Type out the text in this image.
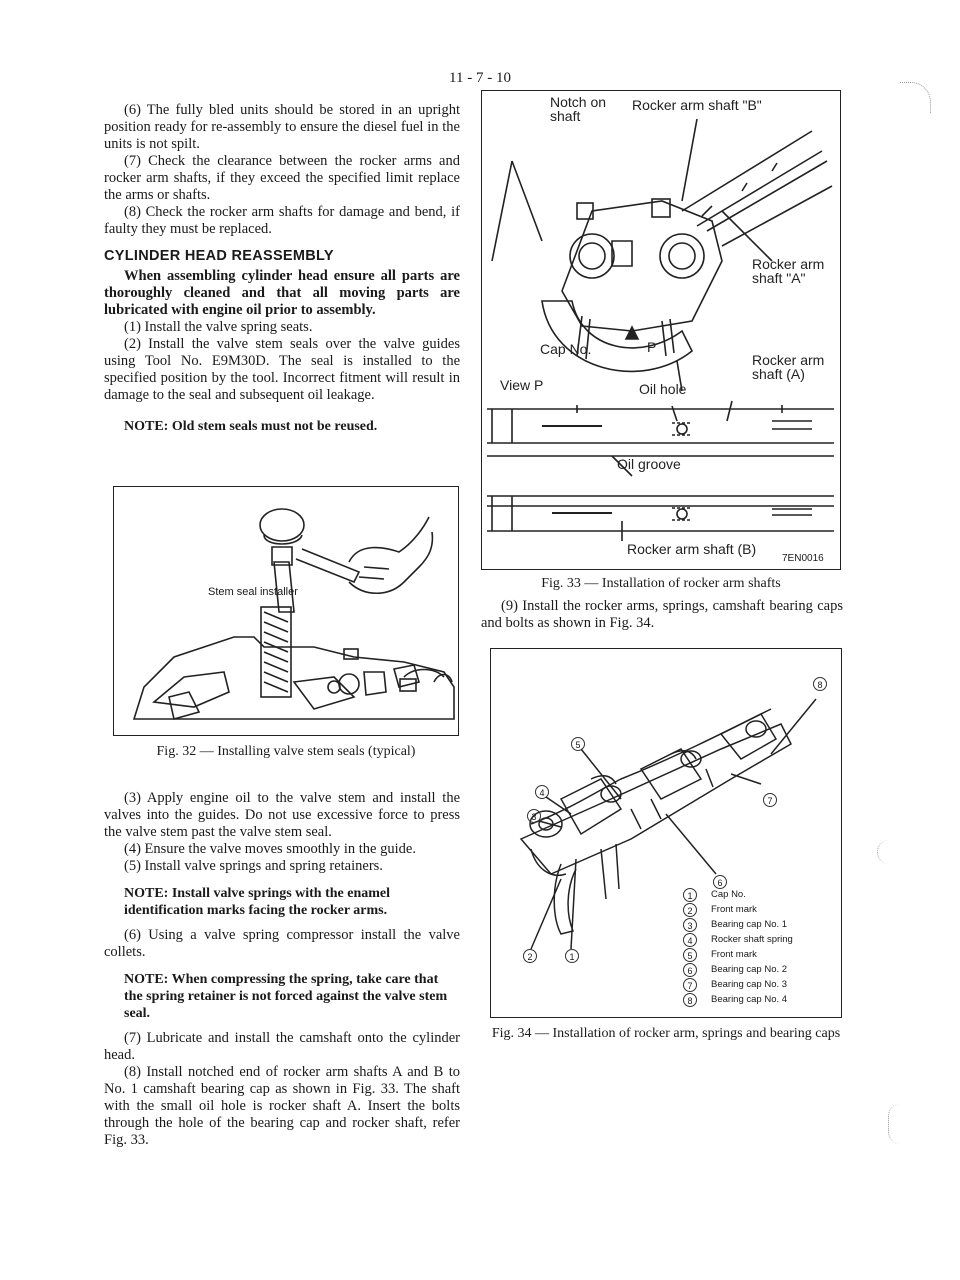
11 - 7 - 10

(6) The fully bled units should be stored in an upright position ready for re-assembly to ensure the diesel fuel in the units is not spilt.

(7) Check the clearance between the rocker arms and rocker arm shafts, if they exceed the specified limit replace the arms or shafts.

(8) Check the rocker arm shafts for damage and bend, if faulty they must be replaced.

CYLINDER HEAD REASSEMBLY

When assembling cylinder head ensure all parts are thoroughly cleaned and that all moving parts are lubricated with engine oil prior to assembly.

(1) Install the valve spring seats.

(2) Install the valve stem seals over the valve guides using Tool No. E9M30D. The seal is installed to the specified position by the tool. Incorrect fitment will result in damage to the seal and subsequent oil leakage.

NOTE: Old stem seals must not be reused.

Stem seal installer
Fig. 32 — Installing valve stem seals (typical)

(3) Apply engine oil to the valve stem and install the valves into the guides. Do not use excessive force to press the valve stem past the valve stem seal.

(4) Ensure the valve moves smoothly in the guide.

(5) Install valve springs and spring retainers.

NOTE: Install valve springs with the enamel identification marks facing the rocker arms.

(6) Using a valve spring compressor install the valve collets.

NOTE: When compressing the spring, take care that the spring retainer is not forced against the valve stem seal.

(7) Lubricate and install the camshaft onto the cylinder head.

(8) Install notched end of rocker arm shafts A and B to No. 1 camshaft bearing cap as shown in Fig. 33. The shaft with the small oil hole is rocker shaft A. Insert the bolts through the hole of the bearing cap and rocker shaft, refer Fig. 33.

Notch on shaft
Rocker arm shaft "B"
Rocker arm shaft "A"
Cap No.	P
Rocker arm shaft (A)
View P	Oil hole
Oil groove
Rocker arm shaft (B)
7EN0016
Fig. 33 — Installation of rocker arm shafts

(9) Install the rocker arms, springs, camshaft bearing caps and bolts as shown in Fig. 34.

8
5
4
3
7
6
2	1
1	Cap No.
2	Front mark
3	Bearing cap No. 1
4	Rocker shaft spring
5	Front mark
6	Bearing cap No. 2
7	Bearing cap No. 3
8	Bearing cap No. 4
Fig. 34 — Installation of rocker arm, springs and bearing caps
